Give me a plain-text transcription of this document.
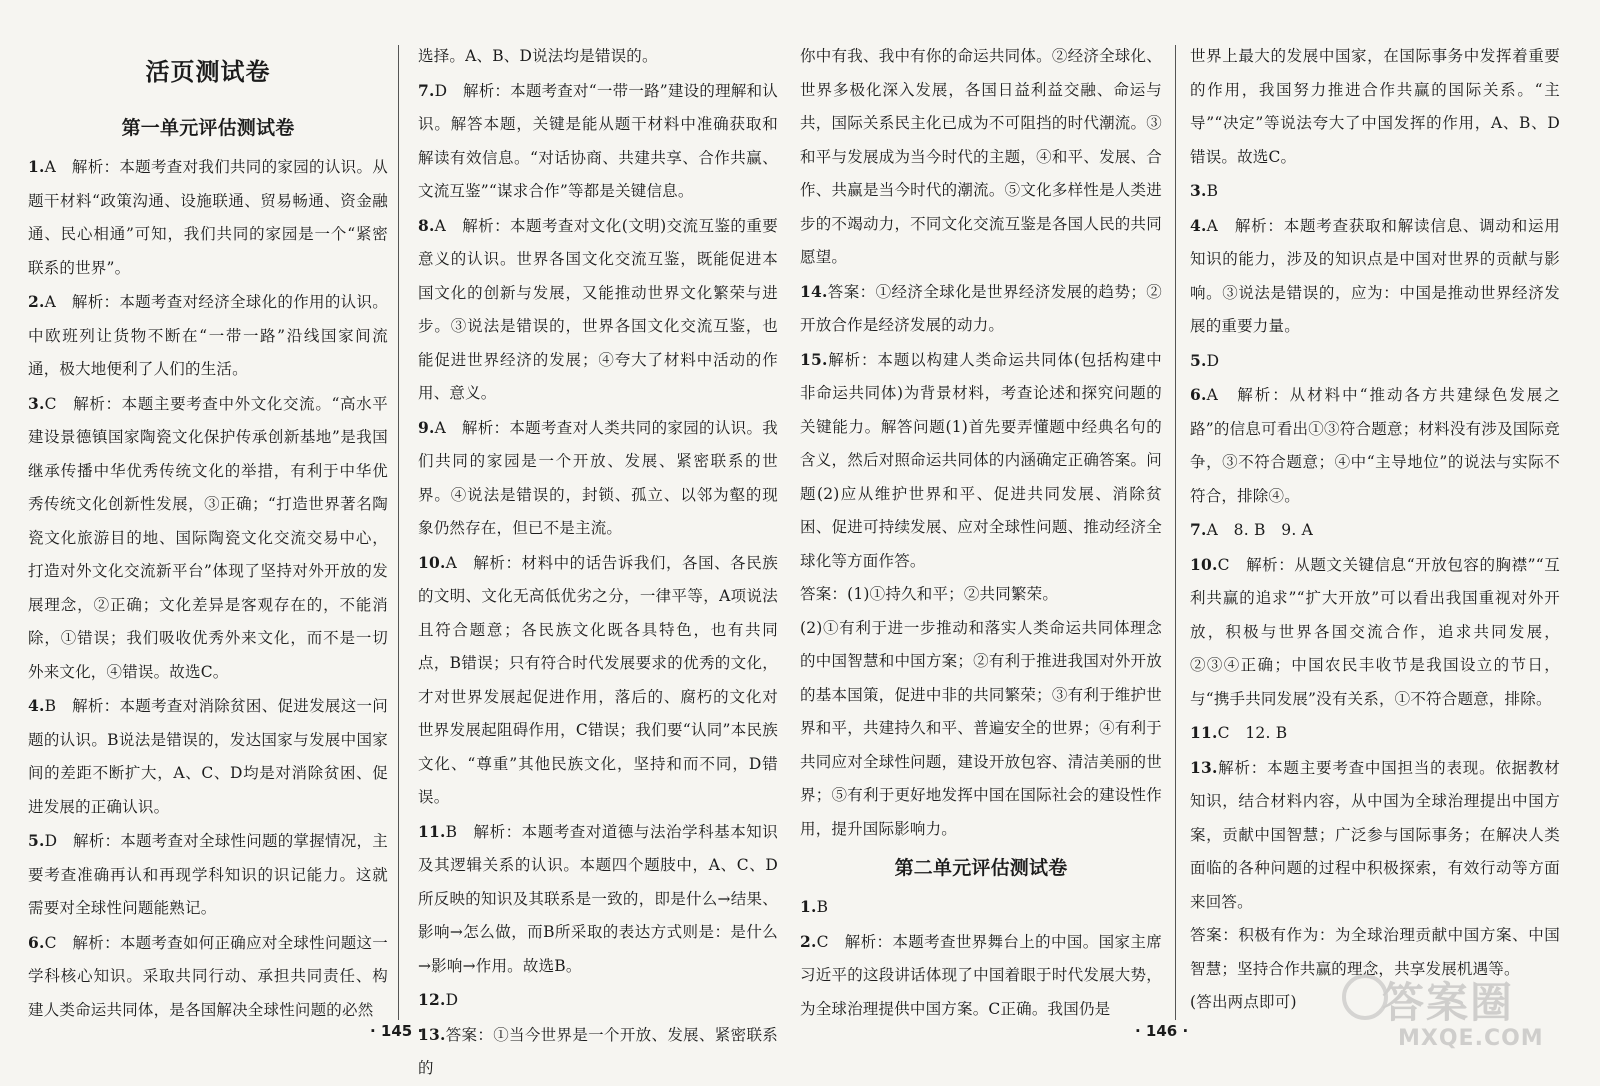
活页测试卷
第一单元评估测试卷

1.A　解析：本题考查对我们共同的家园的认识。从题干材料“政策沟通、设施联通、贸易畅通、资金融通、民心相通”可知，我们共同的家园是一个“紧密联系的世界”。

2.A　解析：本题考查对经济全球化的作用的认识。中欧班列让货物不断在“一带一路”沿线国家间流通，极大地便利了人们的生活。

3.C　解析：本题主要考查中外文化交流。“高水平建设景德镇国家陶瓷文化保护传承创新基地”是我国继承传播中华优秀传统文化的举措，有利于中华优秀传统文化创新性发展，③正确；“打造世界著名陶瓷文化旅游目的地、国际陶瓷文化交流交易中心，打造对外文化交流新平台”体现了坚持对外开放的发展理念，②正确；文化差异是客观存在的，不能消除，①错误；我们吸收优秀外来文化，而不是一切外来文化，④错误。故选C。

4.B　解析：本题考查对消除贫困、促进发展这一问题的认识。B说法是错误的，发达国家与发展中国家间的差距不断扩大，A、C、D均是对消除贫困、促进发展的正确认识。

5.D　解析：本题考查对全球性问题的掌握情况，主要考查准确再认和再现学科知识的识记能力。这就需要对全球性问题能熟记。

6.C　解析：本题考查如何正确应对全球性问题这一学科核心知识。采取共同行动、承担共同责任、构建人类命运共同体，是各国解决全球性问题的必然

选择。A、B、D说法均是错误的。

7.D　解析：本题考查对“一带一路”建设的理解和认识。解答本题，关键是能从题干材料中准确获取和解读有效信息。“对话协商、共建共享、合作共赢、文流互鉴”“谋求合作”等都是关键信息。

8.A　解析：本题考查对文化(文明)交流互鉴的重要意义的认识。世界各国文化交流互鉴，既能促进本国文化的创新与发展，又能推动世界文化繁荣与进步。③说法是错误的，世界各国文化交流互鉴，也能促进世界经济的发展；④夸大了材料中活动的作用、意义。

9.A　解析：本题考查对人类共同的家园的认识。我们共同的家园是一个开放、发展、紧密联系的世界。④说法是错误的，封锁、孤立、以邻为壑的现象仍然存在，但已不是主流。

10.A　解析：材料中的话告诉我们，各国、各民族的文明、文化无高低优劣之分，一律平等，A项说法且符合题意；各民族文化既各具特色，也有共同点，B错误；只有符合时代发展要求的优秀的文化，才对世界发展起促进作用，落后的、腐朽的文化对世界发展起阻碍作用，C错误；我们要“认同”本民族文化、“尊重”其他民族文化，坚持和而不同，D错误。

11.B　解析：本题考查对道德与法治学科基本知识及其逻辑关系的认识。本题四个题肢中，A、C、D所反映的知识及其联系是一致的，即是什么→结果、影响→怎么做，而B所采取的表达方式则是：是什么→影响→作用。故选B。

12.D

13.答案：①当今世界是一个开放、发展、紧密联系的

你中有我、我中有你的命运共同体。②经济全球化、世界多极化深入发展，各国日益利益交融、命运与共，国际关系民主化已成为不可阻挡的时代潮流。③和平与发展成为当今时代的主题，④和平、发展、合作、共赢是当今时代的潮流。⑤文化多样性是人类进步的不竭动力，不同文化交流互鉴是各国人民的共同愿望。

14.答案：①经济全球化是世界经济发展的趋势；②开放合作是经济发展的动力。

15.解析：本题以构建人类命运共同体(包括构建中非命运共同体)为背景材料，考查论述和探究问题的关键能力。解答问题(1)首先要弄懂题中经典名句的含义，然后对照命运共同体的内涵确定正确答案。问题(2)应从维护世界和平、促进共同发展、消除贫困、促进可持续发展、应对全球性问题、推动经济全球化等方面作答。

答案：(1)①持久和平；②共同繁荣。

(2)①有利于进一步推动和落实人类命运共同体理念的中国智慧和中国方案；②有利于推进我国对外开放的基本国策，促进中非的共同繁荣；③有利于维护世界和平，共建持久和平、普遍安全的世界；④有利于共同应对全球性问题，建设开放包容、清洁美丽的世界；⑤有利于更好地发挥中国在国际社会的建设性作用，提升国际影响力。

第二单元评估测试卷

1.B

2.C　解析：本题考查世界舞台上的中国。国家主席习近平的这段讲话体现了中国着眼于时代发展大势，为全球治理提供中国方案。C正确。我国仍是

世界上最大的发展中国家，在国际事务中发挥着重要的作用，我国努力推进合作共赢的国际关系。“主导”“决定”等说法夸大了中国发挥的作用，A、B、D错误。故选C。

3.B

4.A　解析：本题考查获取和解读信息、调动和运用知识的能力，涉及的知识点是中国对世界的贡献与影响。③说法是错误的，应为：中国是推动世界经济发展的重要力量。

5.D

6.A　解析：从材料中“推动各方共建绿色发展之路”的信息可看出①③符合题意；材料没有涉及国际竞争，③不符合题意；④中“主导地位”的说法与实际不符合，排除④。

7.A　8. B　9. A

10.C　解析：从题文关键信息“开放包容的胸襟”“互利共赢的追求”“扩大开放”可以看出我国重视对外开放，积极与世界各国交流合作，追求共同发展，②③④正确；中国农民丰收节是我国设立的节日，与“携手共同发展”没有关系，①不符合题意，排除。

11.C　12. B

13.解析：本题主要考查中国担当的表现。依据教材知识，结合材料内容，从中国为全球治理提出中国方案，贡献中国智慧；广泛参与国际事务；在解决人类面临的各种问题的过程中积极探索，有效行动等方面来回答。

答案：积极有作为：为全球治理贡献中国方案、中国智慧；坚持合作共赢的理念，共享发展机遇等。

(答出两点即可)

· 145 ·	· 146 ·
答案圈
MXQE.COM
